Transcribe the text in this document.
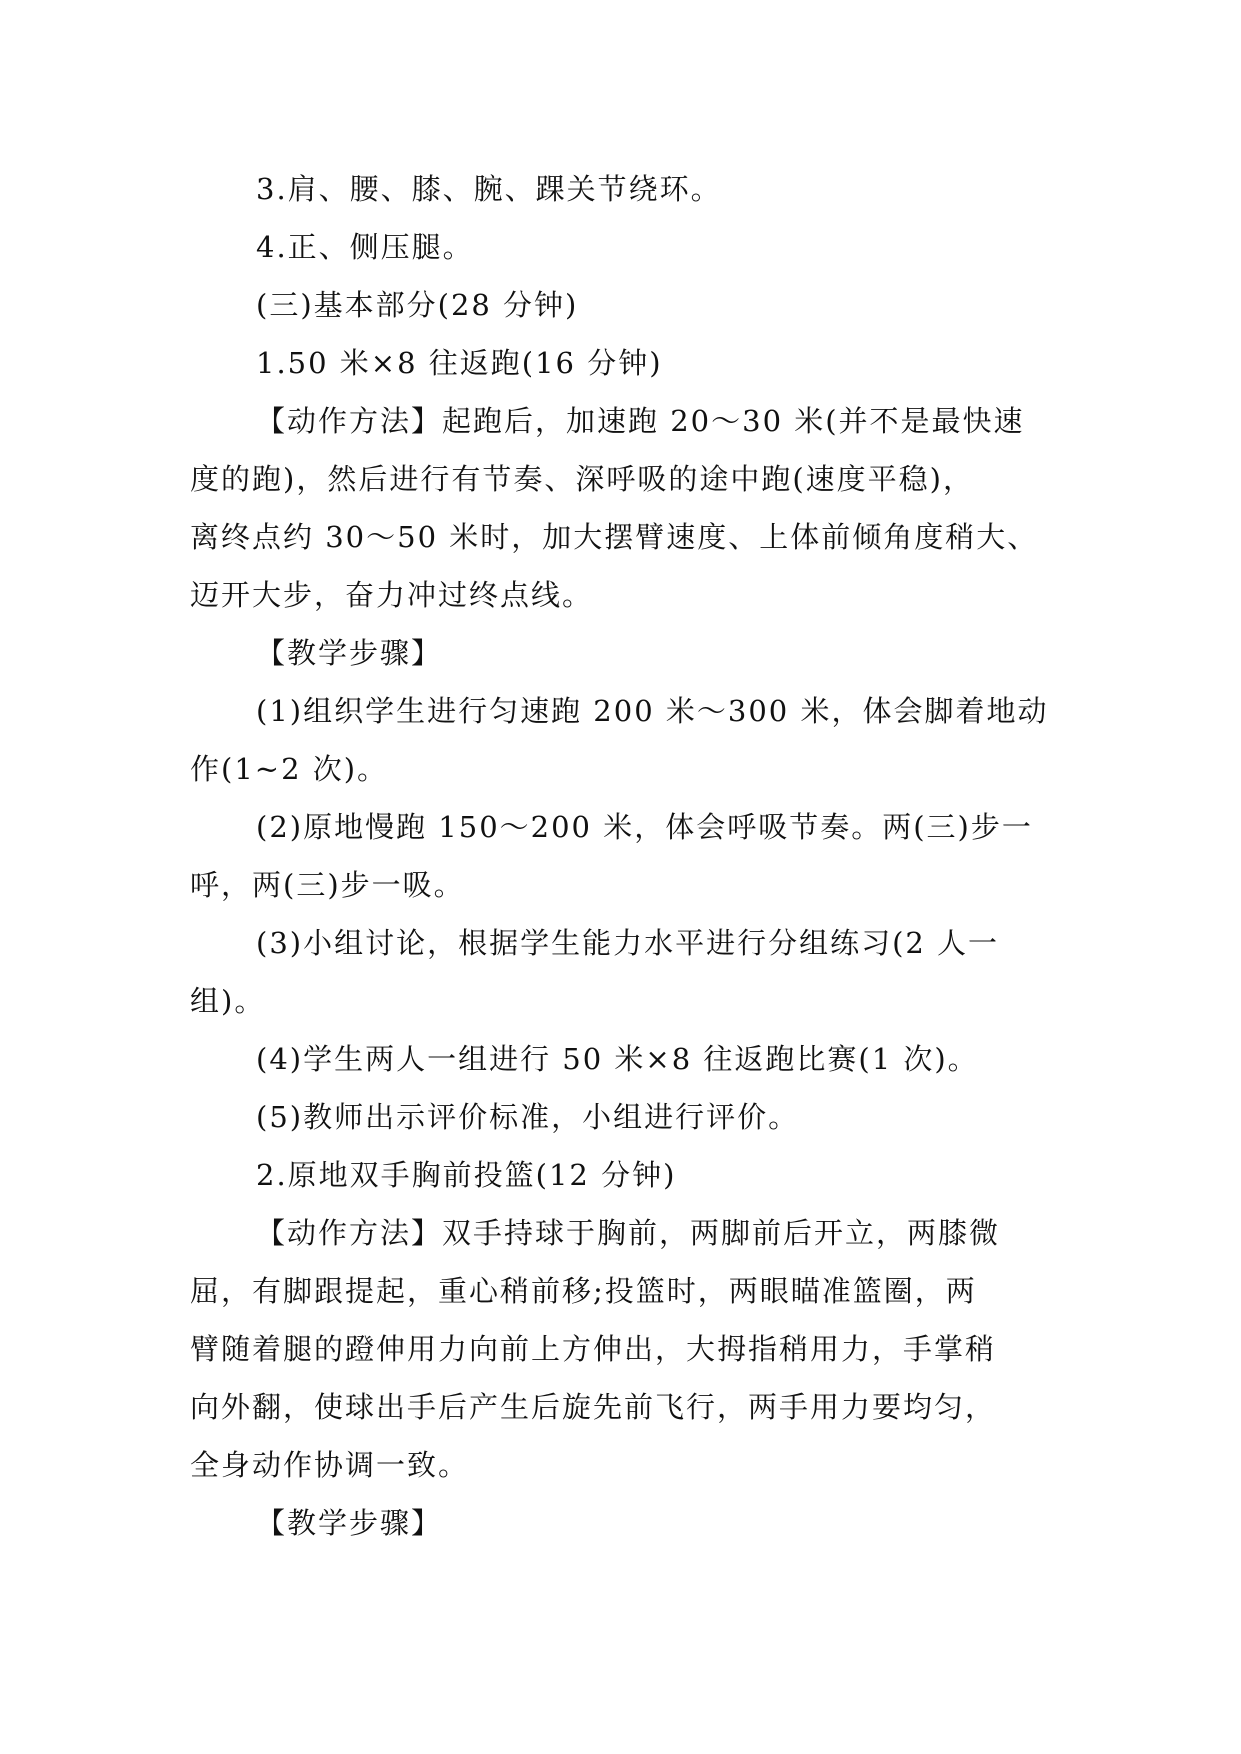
3.肩、腰、膝、腕、踝关节绕环。
4.正、侧压腿。
(三)基本部分(28 分钟)
1.50 米×8 往返跑(16 分钟)
【动作方法】起跑后，加速跑 20～30 米(并不是最快速
度的跑)，然后进行有节奏、深呼吸的途中跑(速度平稳)，
离终点约 30～50 米时，加大摆臂速度、上体前倾角度稍大、
迈开大步，奋力冲过终点线。
【教学步骤】
(1)组织学生进行匀速跑 200 米～300 米，体会脚着地动
作(1~2 次)。
(2)原地慢跑 150～200 米，体会呼吸节奏。两(三)步一
呼，两(三)步一吸。
(3)小组讨论，根据学生能力水平进行分组练习(2 人一
组)。
(4)学生两人一组进行 50 米×8 往返跑比赛(1 次)。
(5)教师出示评价标准，小组进行评价。
2.原地双手胸前投篮(12 分钟)
【动作方法】双手持球于胸前，两脚前后开立，两膝微
屈，有脚跟提起，重心稍前移;投篮时，两眼瞄准篮圈，两
臂随着腿的蹬伸用力向前上方伸出，大拇指稍用力，手掌稍
向外翻，使球出手后产生后旋先前飞行，两手用力要均匀，
全身动作协调一致。
【教学步骤】
